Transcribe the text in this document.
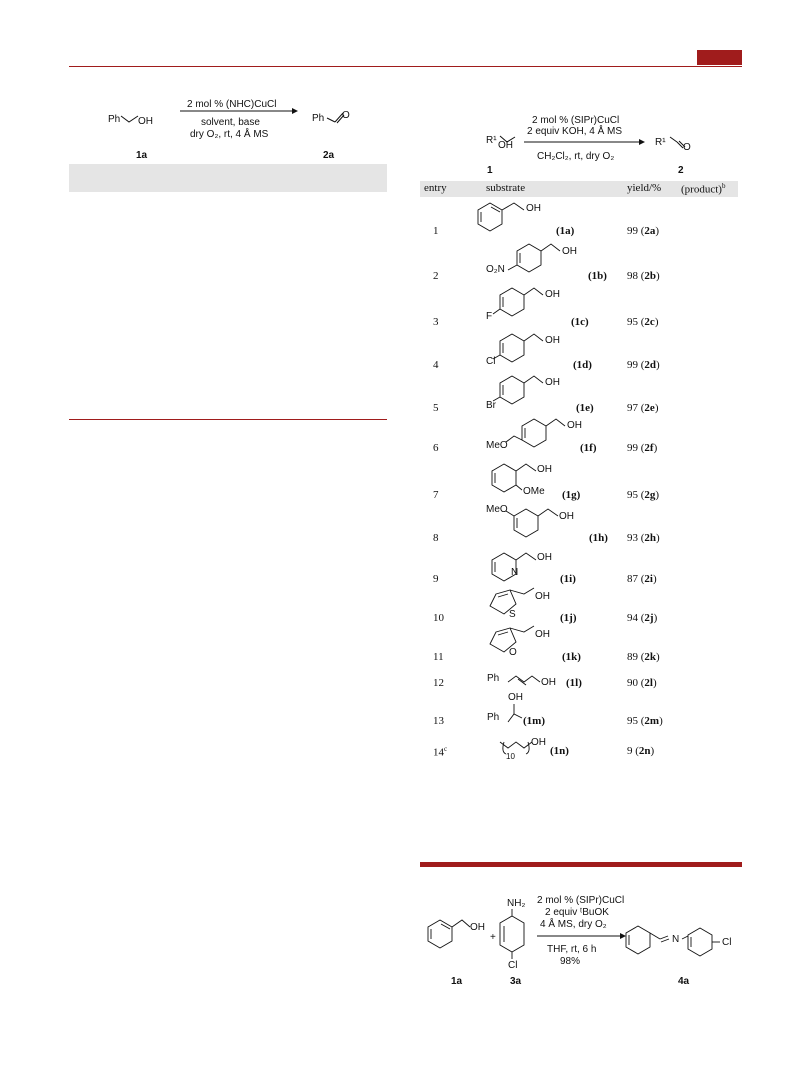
Ph OH
2 mol % (NHC)CuCl
solvent, base
dry O₂, rt, 4 Å MS
Ph O
1a	2a
R¹ OH
2 mol % (SIPr)CuCl
2 equiv KOH, 4 Å MS
CH₂Cl₂, rt, dry O₂
R¹ O
1	2
entry	substrate	yield/% (product)$^b$
OH
OH
O₂N
OH
F
OH
Cl
OH
Br
OH
MeO
OH
OMe
MeO
OH
OH
N
OH
S
OH
O
Ph	OH
OH
Ph
OH
10
1	(1a)	99 (2a)
2	(1b) 98 (2b)
3	(1c)	95 (2c)
4	(1d)	99 (2d)
5	(1e)	97 (2e)
6	(1f)	99 (2f)
7	(1g)	95 (2g)
8	(1h) 93 (2h)
9	(1i)	87 (2i)
10	(1j)	94 (2j)
11	(1k)	89 (2k)
12	(1l)	90 (2l)
13	(1m)	95 (2m)
14$^c$	(1n)	9 (2n)
OH
+
NH₂
Cl
2 mol % (SIPr)CuCl
2 equiv ᵗBuOK
4 Å MS, dry O₂
THF, rt, 6 h
98%
N	Cl
1a	3a	4a
